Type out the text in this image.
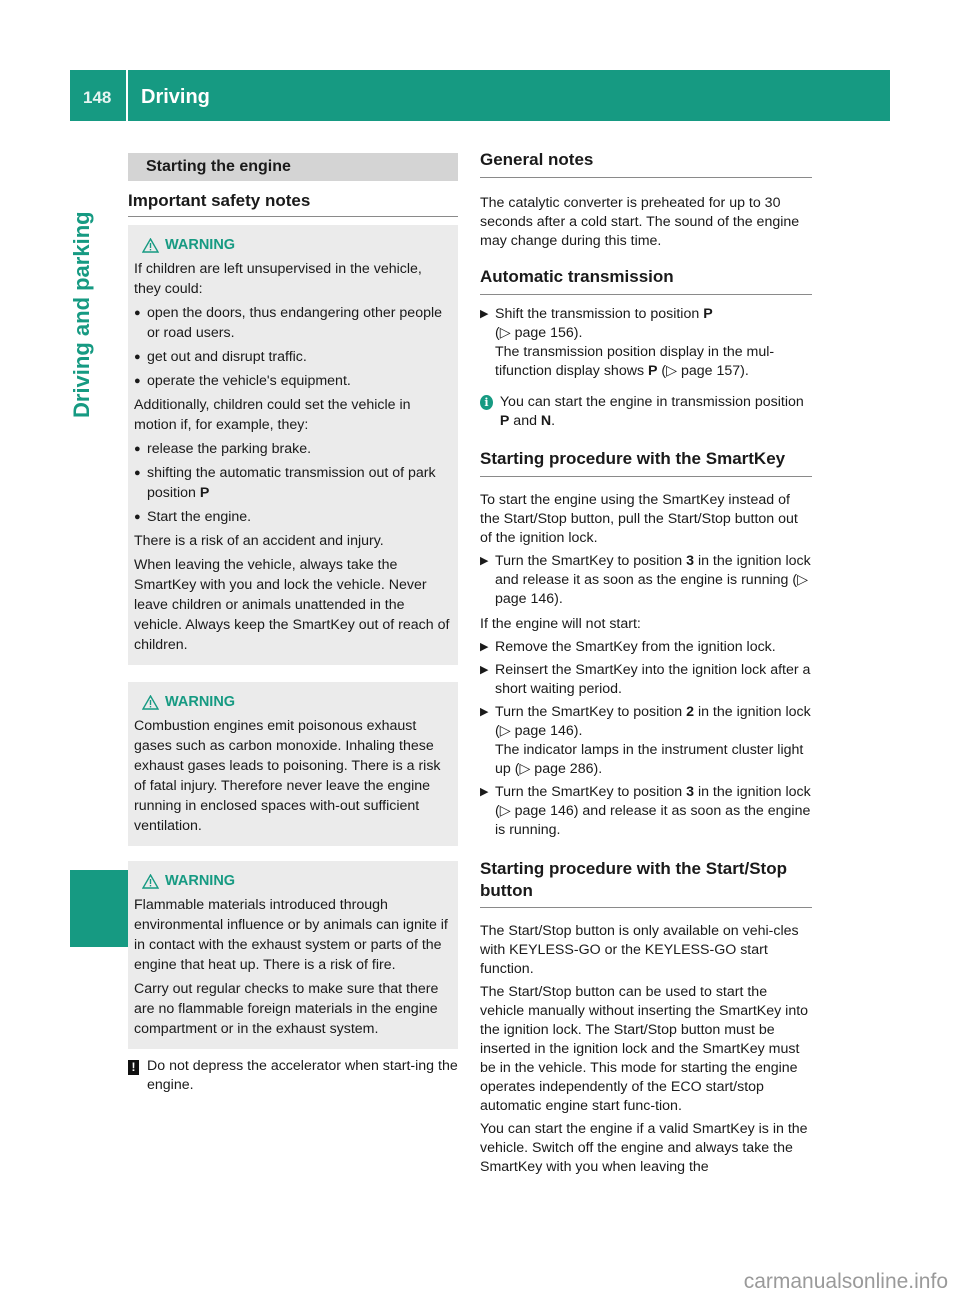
148 Driving
Driving and parking
Starting the engine
Important safety notes
WARNING

If children are left unsupervised in the vehicle, they could:

● open the doors, thus endangering other people or road users.
● get out and disrupt traffic.
● operate the vehicle's equipment.

Additionally, children could set the vehicle in motion if, for example, they:

● release the parking brake.
● shifting the automatic transmission out of park position P
● Start the engine.

There is a risk of an accident and injury.

When leaving the vehicle, always take the SmartKey with you and lock the vehicle. Never leave children or animals unattended in the vehicle. Always keep the SmartKey out of reach of children.

WARNING

Combustion engines emit poisonous exhaust gases such as carbon monoxide. Inhaling these exhaust gases leads to poisoning. There is a risk of fatal injury. Therefore never leave the engine running in enclosed spaces with-out sufficient ventilation.

WARNING

Flammable materials introduced through environmental influence or by animals can ignite if in contact with the exhaust system or parts of the engine that heat up. There is a risk of fire.

Carry out regular checks to make sure that there are no flammable foreign materials in the engine compartment or in the exhaust system.

! Do not depress the accelerator when start-ing the engine.
General notes

The catalytic converter is preheated for up to 30 seconds after a cold start. The sound of the engine may change during this time.

Automatic transmission
▶ Shift the transmission to position P
(▷ page 156).
The transmission position display in the mul-tifunction display shows P (▷ page 157).
i You can start the engine in transmission position P and N.
Starting procedure with the SmartKey

To start the engine using the SmartKey instead of the Start/Stop button, pull the Start/Stop button out of the ignition lock.

▶ Turn the SmartKey to position 3 in the ignition lock and release it as soon as the engine is running (▷ page 146).

If the engine will not start:

▶ Remove the SmartKey from the ignition lock.
▶ Reinsert the SmartKey into the ignition lock after a short waiting period.
▶ Turn the SmartKey to position 2 in the ignition lock (▷ page 146).
The indicator lamps in the instrument cluster light up (▷ page 286).
▶ Turn the SmartKey to position 3 in the ignition lock (▷ page 146) and release it as soon as the engine is running.
Starting procedure with the Start/Stop button

The Start/Stop button is only available on vehi-cles with KEYLESS-GO or the KEYLESS-GO start function.

The Start/Stop button can be used to start the vehicle manually without inserting the SmartKey into the ignition lock. The Start/Stop button must be inserted in the ignition lock and the SmartKey must be in the vehicle. This mode for starting the engine operates independently of the ECO start/stop automatic engine start func-tion.

You can start the engine if a valid SmartKey is in the vehicle. Switch off the engine and always take the SmartKey with you when leaving the

carmanualsonline.info
